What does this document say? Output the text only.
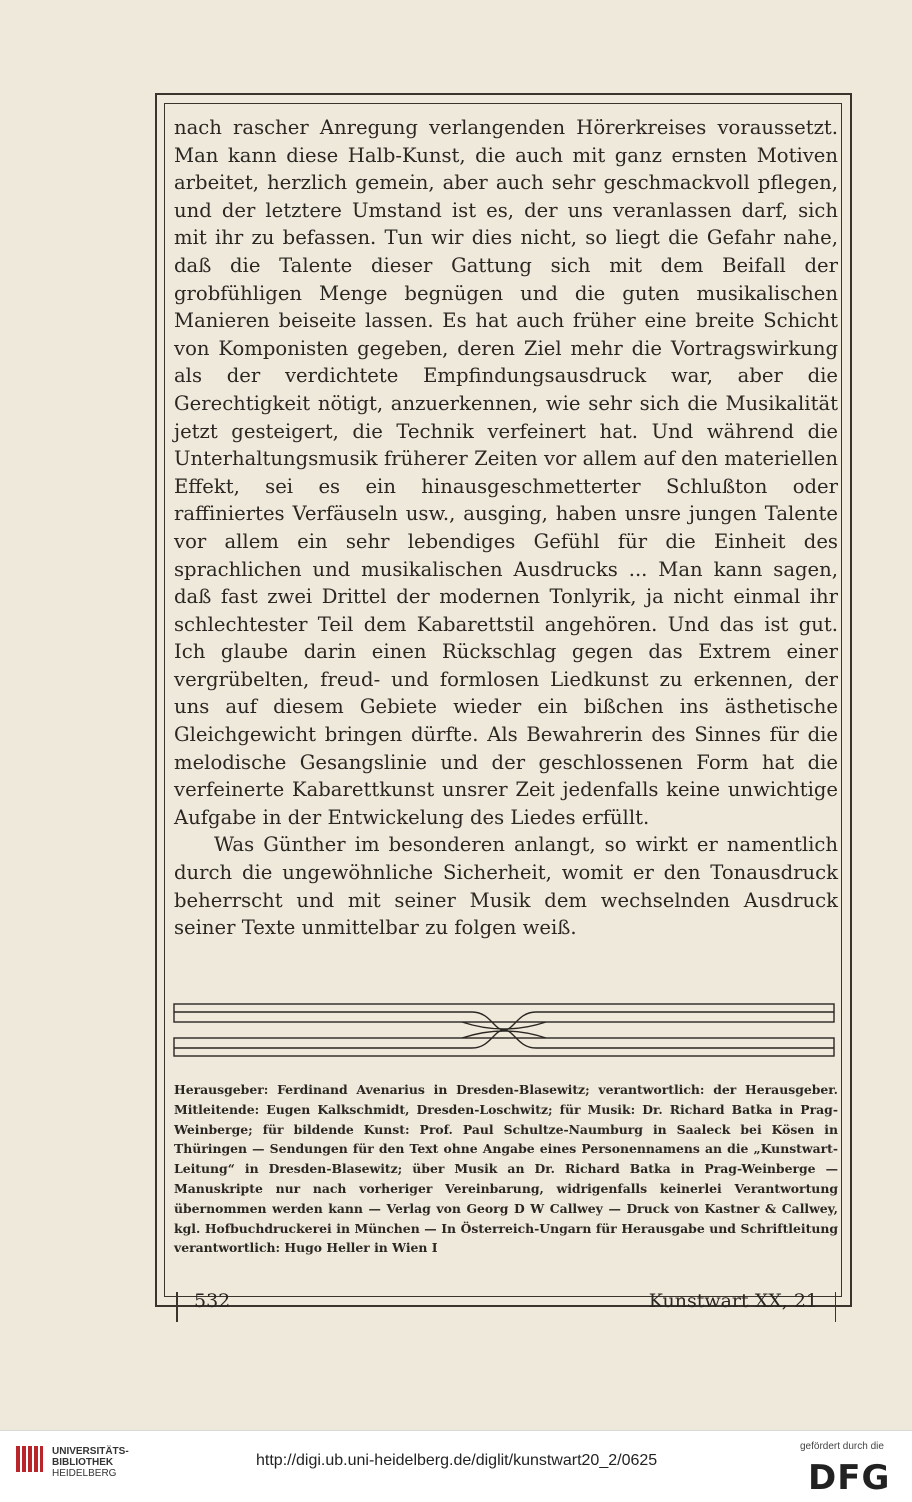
nach rascher Anregung verlangenden Hörerkreises voraussetzt. Man kann diese Halb-Kunst, die auch mit ganz ernsten Motiven arbeitet, herzlich gemein, aber auch sehr geschmackvoll pflegen, und der letztere Umstand ist es, der uns veranlassen darf, sich mit ihr zu befassen. Tun wir dies nicht, so liegt die Gefahr nahe, daß die Talente dieser Gattung sich mit dem Beifall der grobfühligen Menge begnügen und die guten musikalischen Manieren beiseite lassen. Es hat auch früher eine breite Schicht von Komponisten gegeben, deren Ziel mehr die Vortragswirkung als der verdichtete Empfindungsausdruck war, aber die Gerechtigkeit nötigt, anzuerkennen, wie sehr sich die Musikalität jetzt gesteigert, die Technik verfeinert hat. Und während die Unterhaltungsmusik früherer Zeiten vor allem auf den materiellen Effekt, sei es ein hinausgeschmetterter Schlußton oder raffiniertes Verfäuseln usw., ausging, haben unsre jungen Talente vor allem ein sehr lebendiges Gefühl für die Einheit des sprachlichen und musikalischen Ausdrucks ... Man kann sagen, daß fast zwei Drittel der modernen Tonlyrik, ja nicht einmal ihr schlechtester Teil dem Kabarettstil angehören. Und das ist gut. Ich glaube darin einen Rückschlag gegen das Extrem einer vergrübelten, freud- und formlosen Liedkunst zu erkennen, der uns auf diesem Gebiete wieder ein bißchen ins ästhetische Gleichgewicht bringen dürfte. Als Bewahrerin des Sinnes für die melodische Gesangslinie und der geschlossenen Form hat die verfeinerte Kabarettkunst unsrer Zeit jedenfalls keine unwichtige Aufgabe in der Entwickelung des Liedes erfüllt.

Was Günther im besonderen anlangt, so wirkt er namentlich durch die ungewöhnliche Sicherheit, womit er den Tonausdruck beherrscht und mit seiner Musik dem wechselnden Ausdruck seiner Texte unmittelbar zu folgen weiß.

Herausgeber: Ferdinand Avenarius in Dresden-Blasewitz; verantwortlich: der Herausgeber. Mitleitende: Eugen Kalkschmidt, Dresden-Loschwitz; für Musik: Dr. Richard Batka in Prag-Weinberge; für bildende Kunst: Prof. Paul Schultze-Naumburg in Saaleck bei Kösen in Thüringen — Sendungen für den Text ohne Angabe eines Personennamens an die „Kunstwart-Leitung“ in Dresden-Blasewitz; über Musik an Dr. Richard Batka in Prag-Weinberge — Manuskripte nur nach vorheriger Vereinbarung, widrigenfalls keinerlei Verantwortung übernommen werden kann — Verlag von Georg D W Callwey — Druck von Kastner & Callwey, kgl. Hofbuchdruckerei in München — In Österreich-Ungarn für Herausgabe und Schriftleitung verantwortlich: Hugo Heller in Wien I
532	Kunstwart XX, 21
UNIVERSITÄTS-
BIBLIOTHEK
HEIDELBERG
http://digi.ub.uni-heidelberg.de/diglit/kunstwart20_2/0625
gefördert durch die
DFG
